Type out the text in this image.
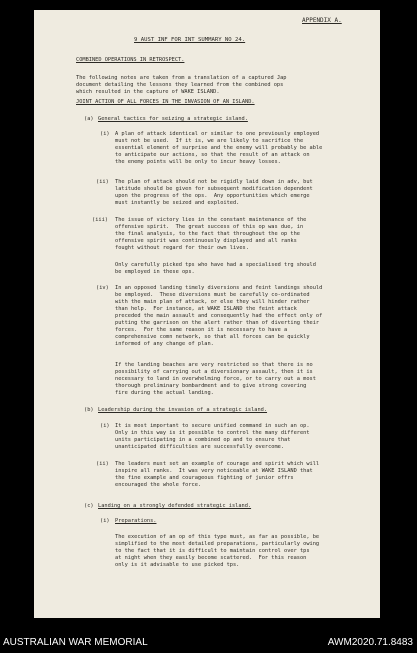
APPENDIX A.
9 AUST INF FOR INT SUMMARY NO 24.
COMBINED OPERATIONS IN RETROSPECT.
The following notes are taken from a translation of a captured Jap
document detailing the lessons they learned from the combined ops
which resulted in the capture of WAKE ISLAND.
JOINT ACTION OF ALL FORCES IN THE INVASION OF AN ISLAND.
(a) General tactics for seizing a strategic island.
(i) A plan of attack identical or similar to one previously employed
must not be used.  If it is, we are likely to sacrifice the
essential element of surprise and the enemy will probably be able
to anticipate our actions, so that the result of an attack on
the enemy points will be only to incur heavy losses.
(ii) The plan of attack should not be rigidly laid down in adv, but
latitude should be given for subsequent modification dependent
upon the progress of the ops.  Any opportunities which emerge
must instantly be seized and exploited.
(iii) The issue of victory lies in the constant maintenance of the
offensive spirit.  The great success of this op was due, in
the final analysis, to the fact that throughout the op the
offensive spirit was continuously displayed and all ranks
fought without regard for their own lives.
Only carefully picked tps who have had a specialised trg should
be employed in these ops.
(iv) In an opposed landing timely diversions and feint landings should
be employed.  These diversions must be carefully co-ordinated
with the main plan of attack, or else they will hinder rather
than help.  For instance, at WAKE ISLAND the feint attack
preceded the main assault and consequently had the effect only of
putting the garrison on the alert rather than of diverting their
forces.  For the same reason it is necessary to have a
comprehensive comn network, so that all forces can be quickly
informed of any change of plan.
If the landing beaches are very restricted so that there is no
possibility of carrying out a diversionary assault, then it is
necessary to land in overwhelming force, or to carry out a most
thorough preliminary bombardment and to give strong covering
fire during the actual landing.
(b) Leadership during the invasion of a strategic island.
(i) It is most important to secure unified command in such an op.
Only in this way is it possible to control the many different
units participating in a combined op and to ensure that
unanticipated difficulties are successfully overcome.
(ii) The leaders must set an example of courage and spirit which will
inspire all ranks.  It was very noticeable at WAKE ISLAND that
the fine example and courageous fighting of junior offrs
encouraged the whole force.
(c) Landing on a strongly defended strategic island.
(i) Preparations.
The execution of an op of this type must, as far as possible, be
simplified to the most detailed preparations, particularly owing
to the fact that it is difficult to maintain control over tps
at night when they easily become scattered.  For this reason
only is it advisable to use picked tps.
AUSTRALIAN WAR MEMORIAL	AWM2020.71.8483
